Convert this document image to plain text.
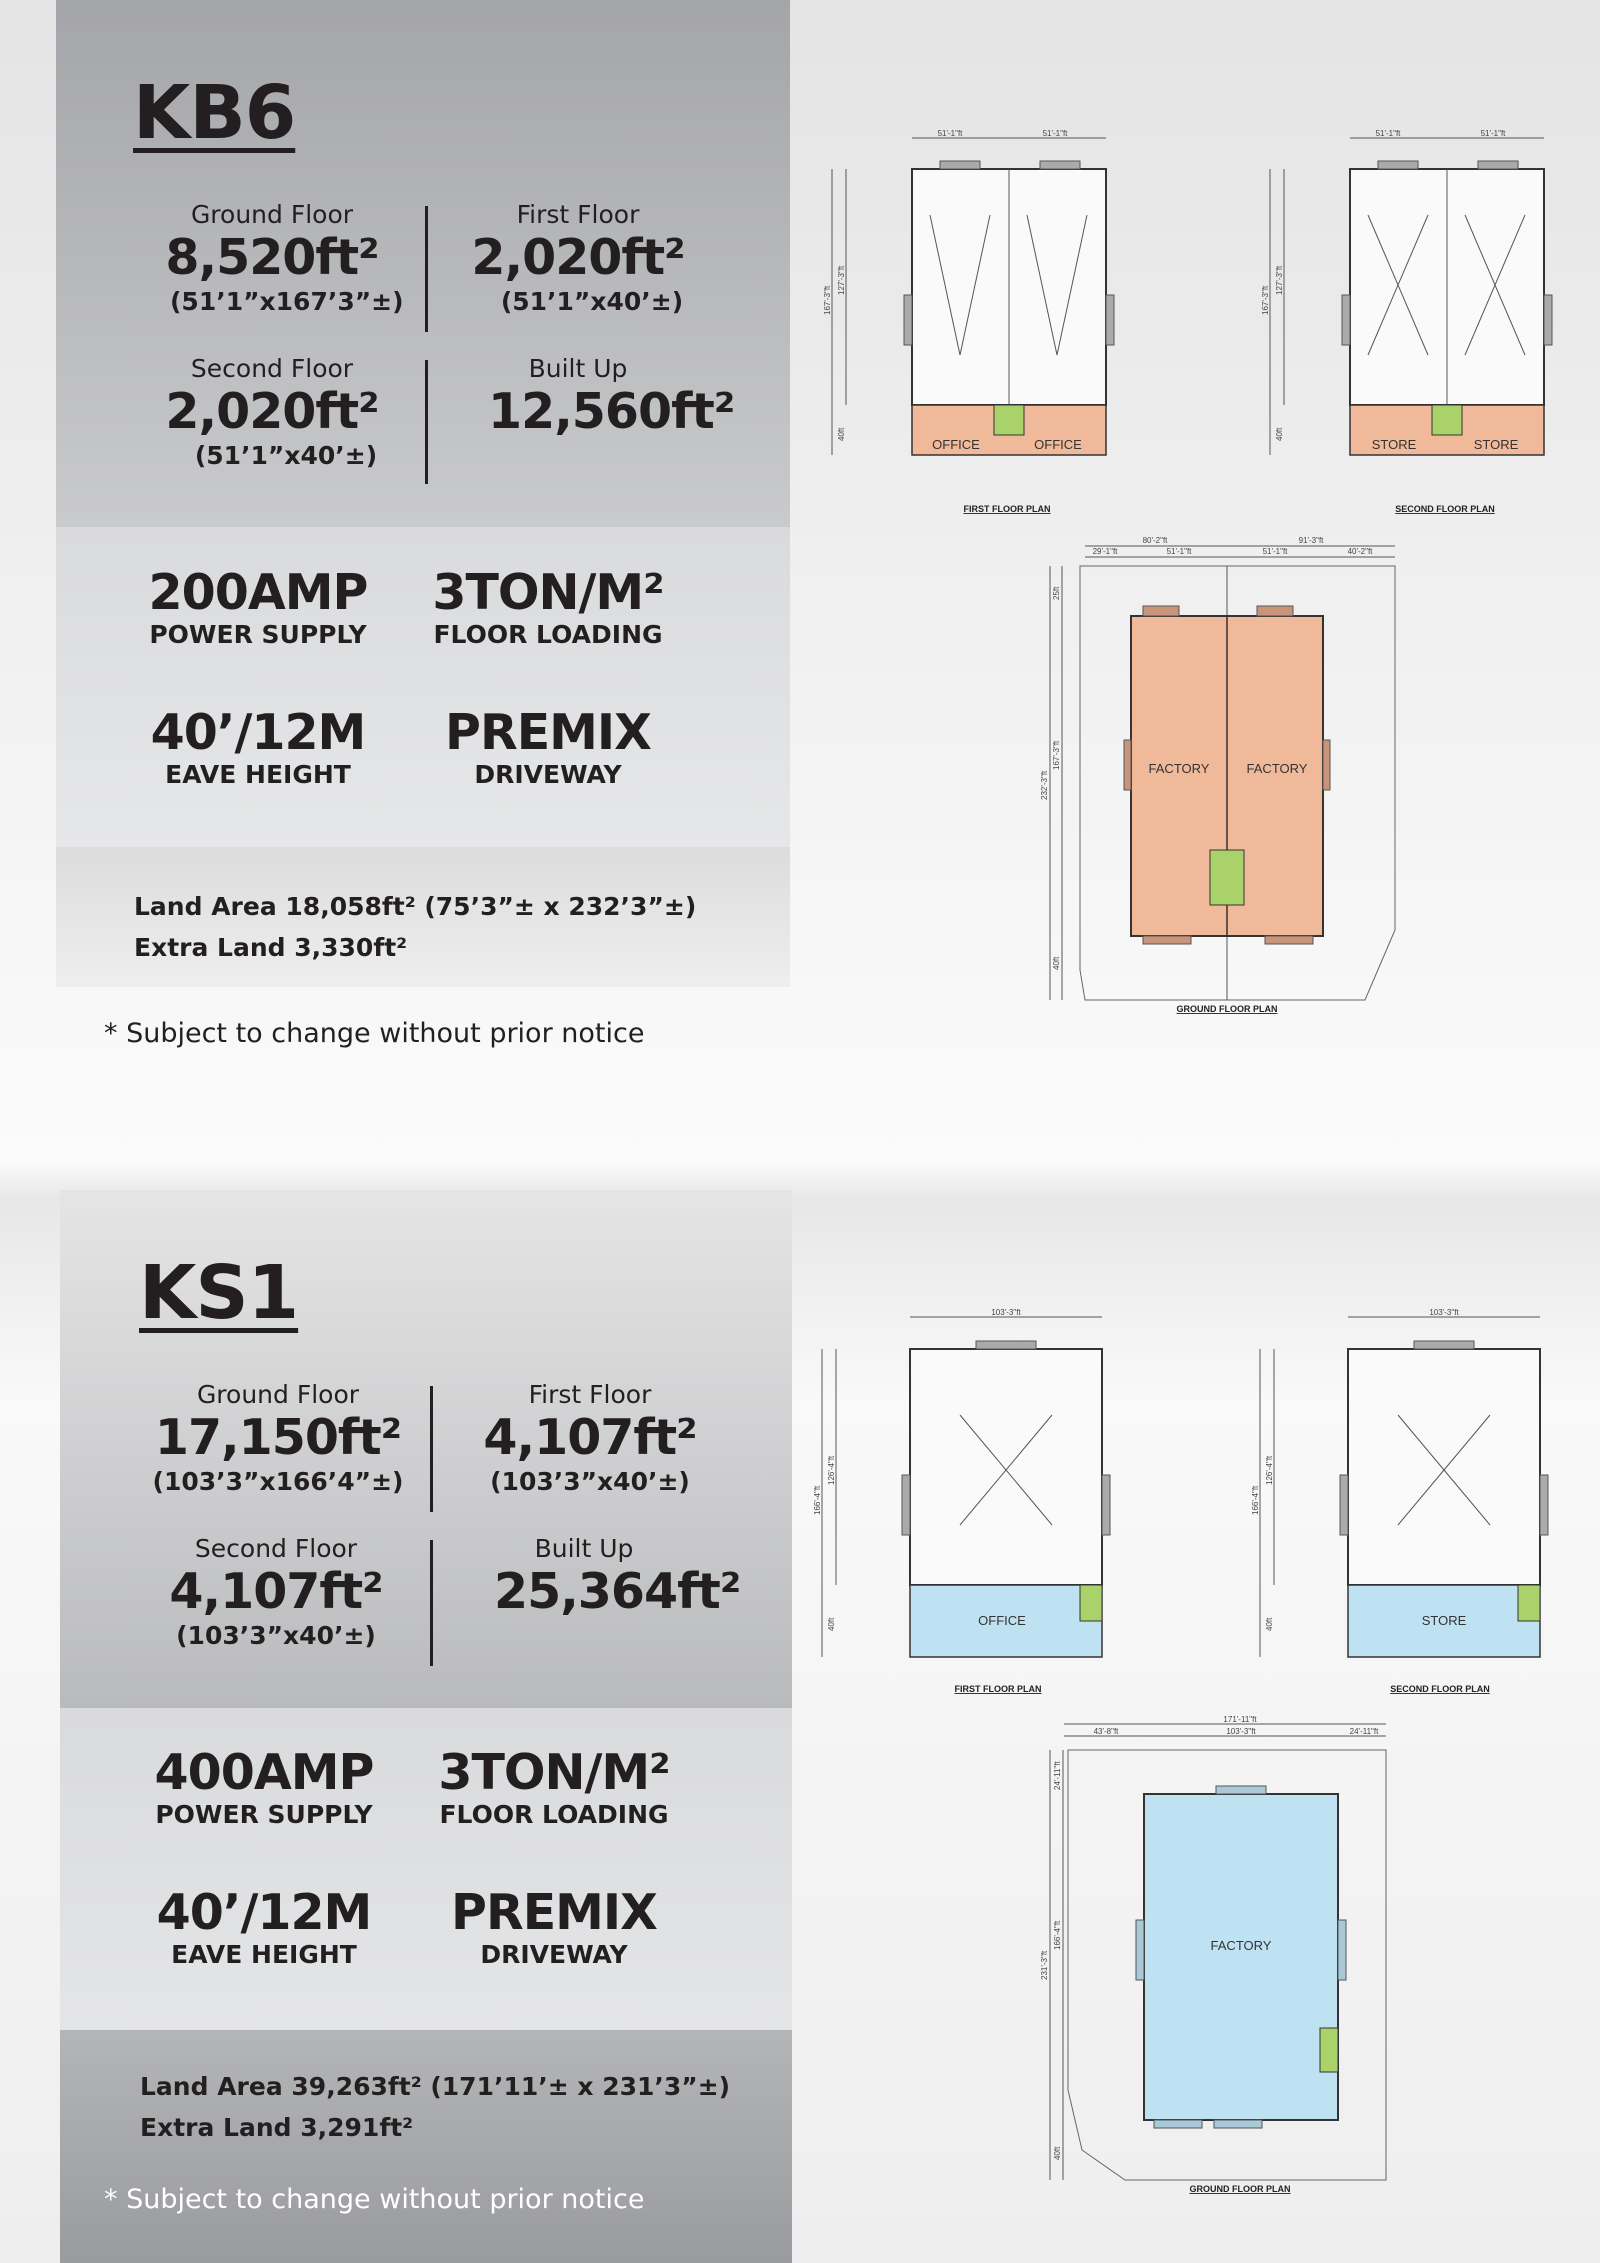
KB6
Ground Floor
8,520ft²
(51’1”x167’3”±)
First Floor
2,020ft²
(51’1”x40’±)
Second Floor
2,020ft²
(51’1”x40’±)
Built Up
12,560ft²
200AMP
POWER SUPPLY
3TON/M²
FLOOR LOADING
40’/12M
EAVE HEIGHT
PREMIX
DRIVEWAY
Land Area 18,058ft² (75’3”± x 232’3”±)
Extra Land 3,330ft²
* Subject to change without prior notice
OFFICE	OFFICE
51'-1"ft	51'-1"ft
167'-3"ft
127'-3"ft
40ft
FIRST FLOOR PLAN
STORE	STORE
51'-1"ft	51'-1"ft
167'-3"ft
127'-3"ft
40ft
SECOND FLOOR PLAN
FACTORY	FACTORY
80'-2"ft	91'-3"ft
29'-1"ft	51'-1"ft	51'-1"ft	40'-2"ft
232'-3"ft
167'-3"ft
25ft
40ft
GROUND FLOOR PLAN
KS1
Ground Floor
17,150ft²
(103’3”x166’4”±)
First Floor
4,107ft²
(103’3”x40’±)
Second Floor
4,107ft²
(103’3”x40’±)
Built Up
25,364ft²
400AMP
POWER SUPPLY
3TON/M²
FLOOR LOADING
40’/12M
EAVE HEIGHT
PREMIX
DRIVEWAY
Land Area 39,263ft² (171’11’± x 231’3”±)
Extra Land 3,291ft²
* Subject to change without prior notice
OFFICE
103'-3"ft
166'-4"ft
126'-4"ft
40ft
FIRST FLOOR PLAN
STORE
103'-3"ft
166'-4"ft
126'-4"ft
40ft
SECOND FLOOR PLAN
FACTORY
171'-11"ft
43'-8"ft	103'-3"ft	24'-11"ft
231'-3"ft
166'-4"ft
24'-11"ft
40ft
GROUND FLOOR PLAN
